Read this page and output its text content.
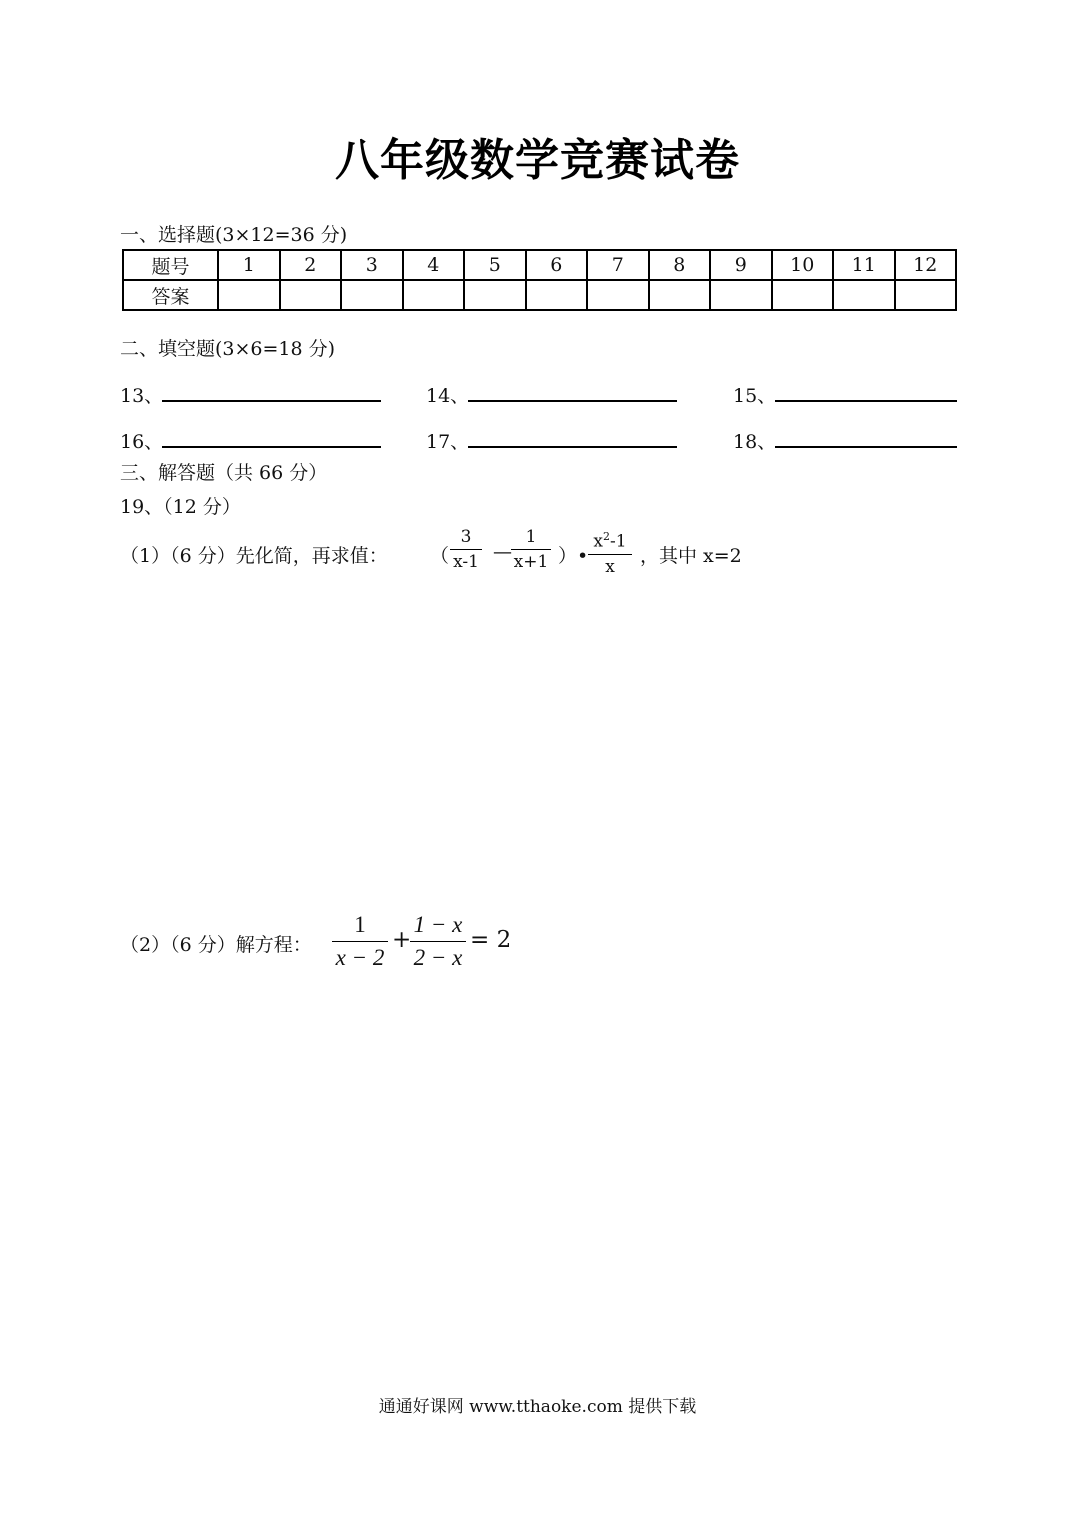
八年级数学竞赛试卷
一、选择题(3×12=36 分)
题号	1	2	3	4	5	6	7	8	9	10	11	12
答案												
二、填空题(3×6=18 分)
13、	14、	15、
16、	17、	18、
三、解答题（共 66 分）
19、（12 分）
（1）（6 分）先化简，再求值： （
3
x-1 —
1
x+1 ）•
$x^2-1$
x	，其中 x=2
（2）（6 分）解方程：
1
x − 2
+
1 − x
2 − x
= 2
通通好课网 www.tthaoke.com 提供下载
